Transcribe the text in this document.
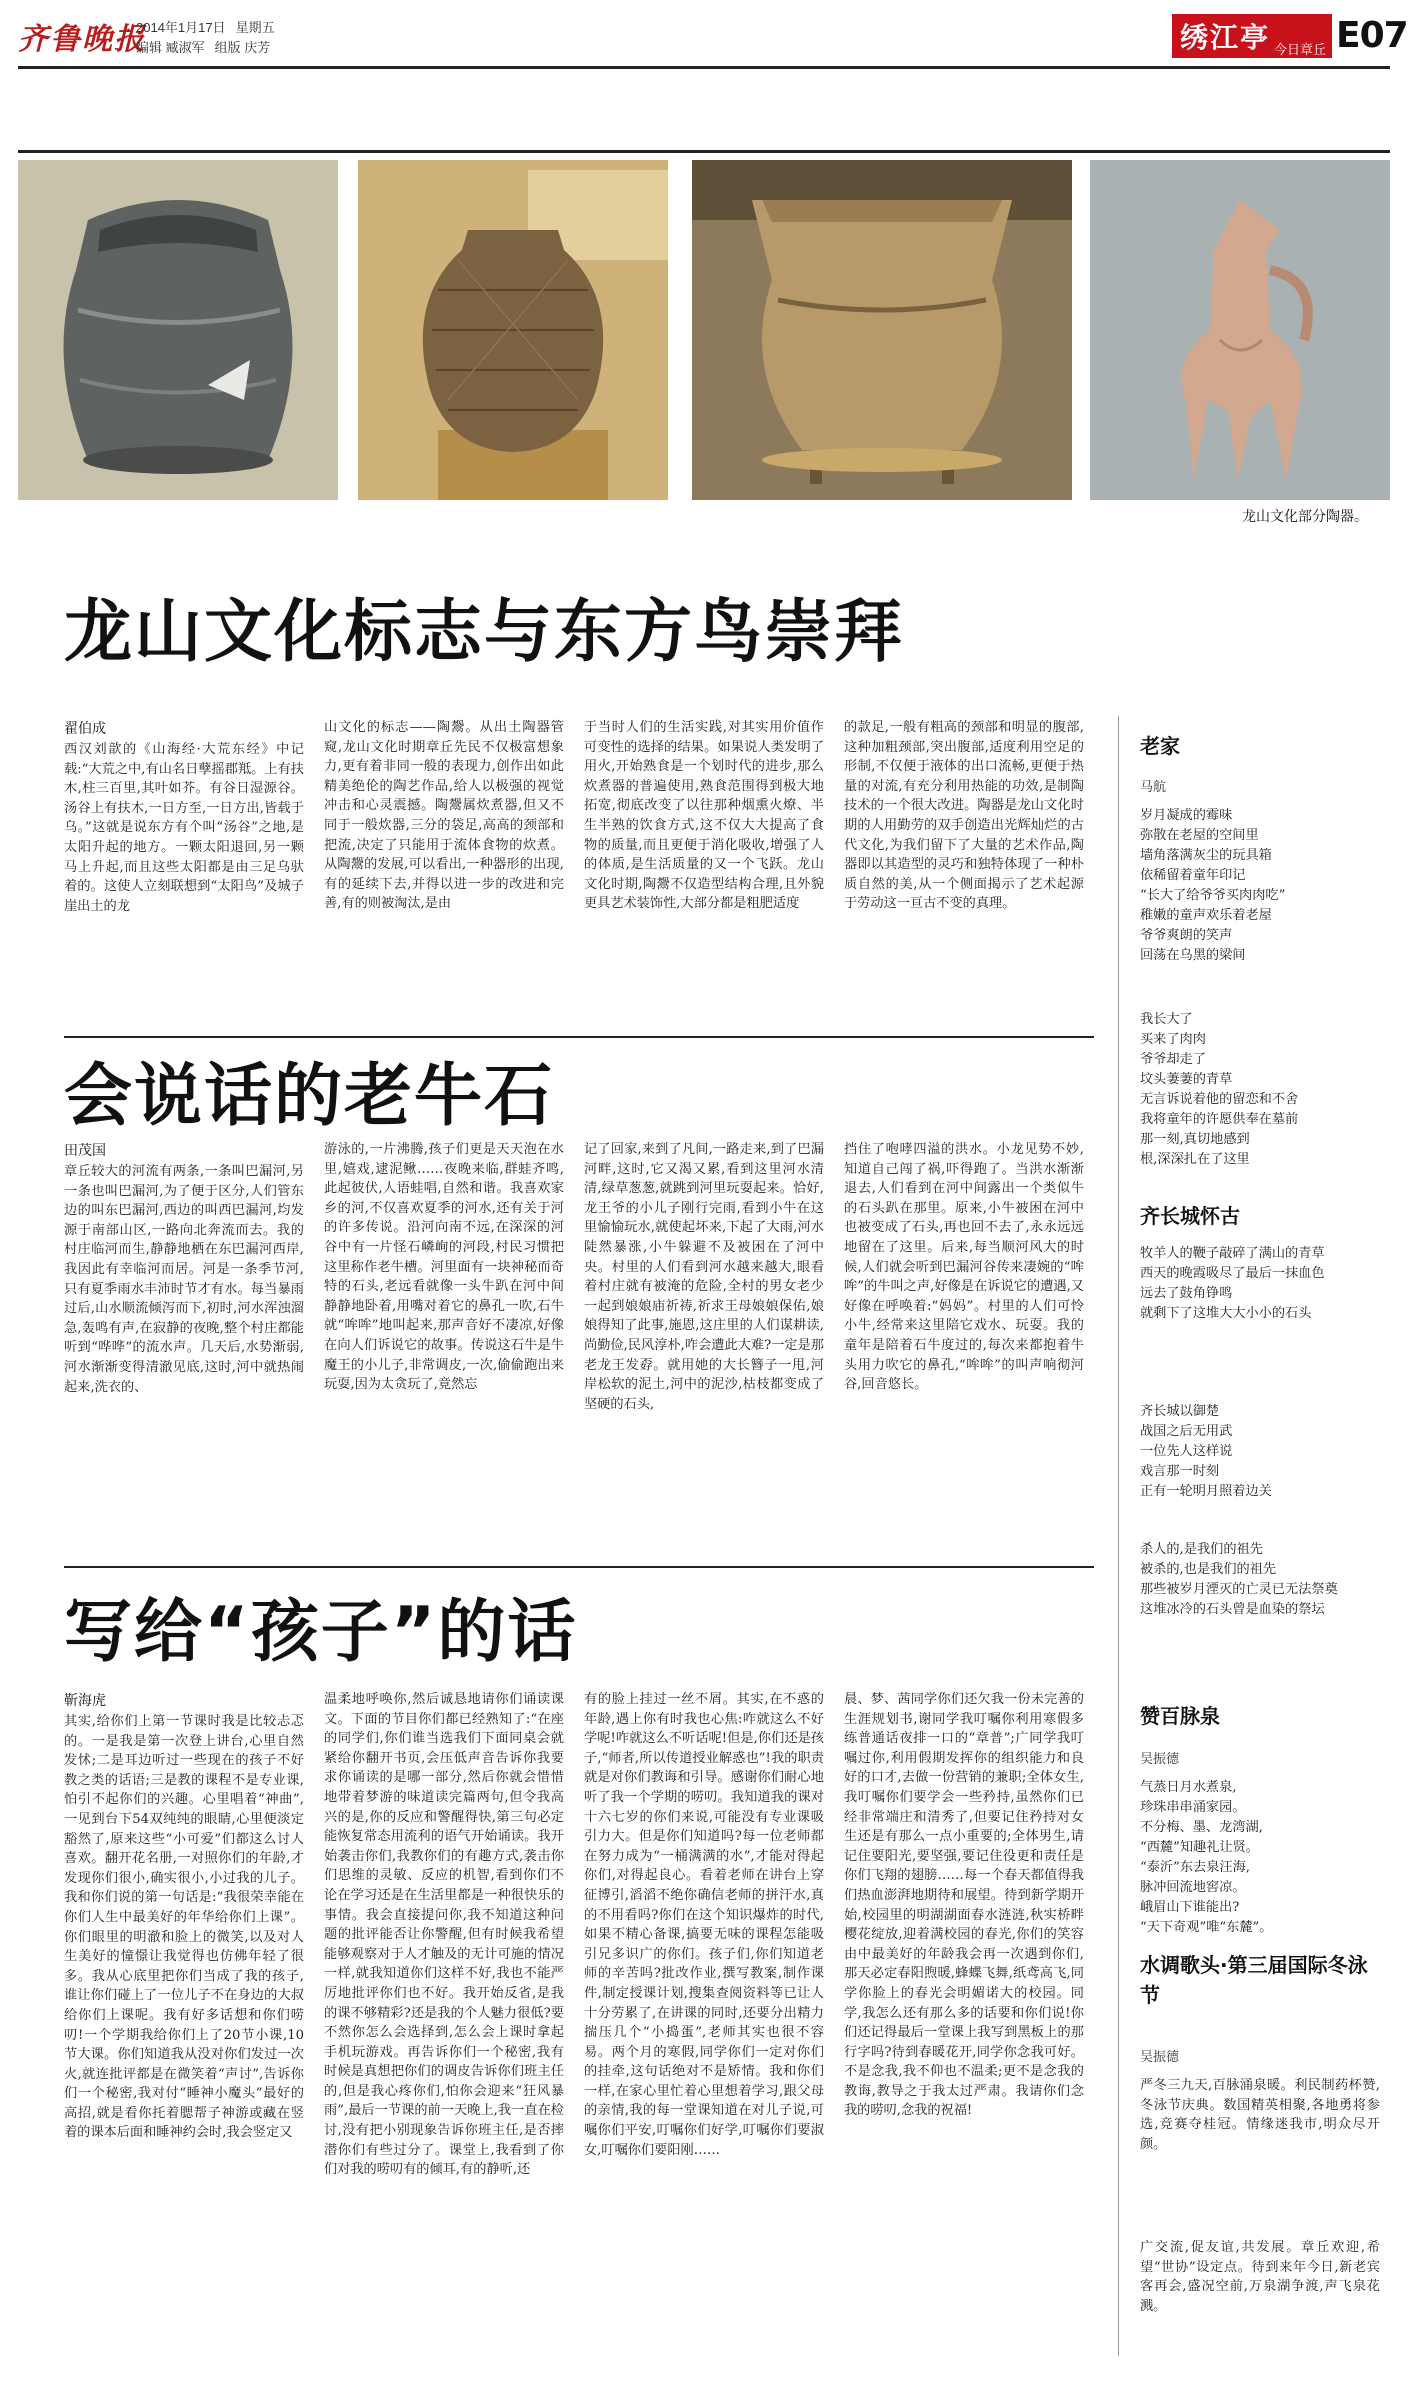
齐鲁晚报
2014年1月17日 星期五
编辑 臧淑军 组版 庆芳	绣江亭 今日章丘 E07
龙山文化部分陶器。
龙山文化标志与东方鸟崇拜
翟伯成
西汉刘歆的《山海经·大荒东经》中记载:“大荒之中,有山名日孽摇郡羝。上有扶木,柱三百里,其叶如芥。有谷日湿源谷。汤谷上有扶木,一日方至,一日方出,皆载于乌。”这就是说东方有个叫“汤谷”之地,是太阳升起的地方。一颗太阳退回,另一颗马上升起,而且这些太阳都是由三足乌驮着的。这使人立刻联想到“太阳鸟”及城子崖出土的龙
山文化的标志——陶鬶。从出土陶器管窥,龙山文化时期章丘先民不仅极富想象力,更有着非同一般的表现力,创作出如此精美绝伦的陶艺作品,给人以极强的视觉冲击和心灵震撼。陶鬶属炊煮器,但又不同于一般炊器,三分的袋足,高高的颈部和把流,决定了只能用于流体食物的炊煮。从陶鬶的发展,可以看出,一种器形的出现,有的延续下去,并得以进一步的改进和完善,有的则被淘汰,是由
于当时人们的生活实践,对其实用价值作可变性的选择的结果。如果说人类发明了用火,开始熟食是一个划时代的进步,那么炊煮器的普遍使用,熟食范围得到极大地拓宽,彻底改变了以往那种烟熏火燎、半生半熟的饮食方式,这不仅大大提高了食物的质量,而且更便于消化吸收,增强了人的体质,是生活质量的又一个飞跃。龙山文化时期,陶鬶不仅造型结构合理,且外貌更具艺术装饰性,大部分都是粗肥适度
的款足,一般有粗高的颈部和明显的腹部,这种加粗颈部,突出腹部,适度利用空足的形制,不仅便于液体的出口流畅,更便于热量的对流,有充分利用热能的功效,是制陶技术的一个很大改进。陶器是龙山文化时期的人用勤劳的双手创造出光辉灿烂的古代文化,为我们留下了大量的艺术作品,陶器即以其造型的灵巧和独特体现了一种朴质自然的美,从一个侧面揭示了艺术起源于劳动这一亘古不变的真理。
会说话的老牛石
田茂国
章丘较大的河流有两条,一条叫巴漏河,另一条也叫巴漏河,为了便于区分,人们管东边的叫东巴漏河,西边的叫西巴漏河,均发源于南部山区,一路向北奔流而去。我的村庄临河而生,静静地栖在东巴漏河西岸,我因此有幸临河而居。河是一条季节河,只有夏季雨水丰沛时节才有水。每当暴雨过后,山水顺流倾泻而下,初时,河水浑浊溜急,轰鸣有声,在寂静的夜晚,整个村庄都能听到“哗哗”的流水声。几天后,水势渐弱,河水渐渐变得清澈见底,这时,河中就热闹起来,洗衣的、
游泳的,一片沸腾,孩子们更是天天泡在水里,嬉戏,逮泥鳅……夜晚来临,群蛙齐鸣,此起彼伏,人语蛙唱,自然和谐。我喜欢家乡的河,不仅喜欢夏季的河水,还有关于河的许多传说。沿河向南不远,在深深的河谷中有一片怪石嶙峋的河段,村民习惯把这里称作老牛槽。河里面有一块神秘而奇特的石头,老远看就像一头牛趴在河中间静静地卧着,用嘴对着它的鼻孔一吹,石牛就“哞哞”地叫起来,那声音好不凄凉,好像在向人们诉说它的故事。传说这石牛是牛魔王的小儿子,非常调皮,一次,偷偷跑出来玩耍,因为太贪玩了,竟然忘
记了回家,来到了凡间,一路走来,到了巴漏河畔,这时,它又渴又累,看到这里河水清清,绿草葱葱,就跳到河里玩耍起来。恰好,龙王爷的小儿子刚行完雨,看到小牛在这里愉愉玩水,就使起坏来,下起了大雨,河水陡然暴涨,小牛躲避不及被困在了河中央。村里的人们看到河水越来越大,眼看着村庄就有被淹的危险,全村的男女老少一起到娘娘庙祈祷,祈求王母娘娘保佑,娘娘得知了此事,施恩,这庄里的人们谋耕读,尚勤俭,民风淳朴,咋会遭此大难?一定是那老龙王发孬。就用她的大长簪子一甩,河岸松软的泥土,河中的泥沙,枯枝都变成了坚硬的石头,
挡住了咆哮四溢的洪水。小龙见势不妙,知道自己闯了祸,吓得跑了。当洪水渐渐退去,人们看到在河中间露出一个类似牛的石头趴在那里。原来,小牛被困在河中也被变成了石头,再也回不去了,永永远远地留在了这里。后来,每当顺河风大的时候,人们就会听到巴漏河谷传来凄婉的“哞哞”的牛叫之声,好像是在诉说它的遭遇,又好像在呼唤着:“妈妈”。村里的人们可怜小牛,经常来这里陪它戏水、玩耍。我的童年是陪着石牛度过的,每次来都抱着牛头用力吹它的鼻孔,“哞哞”的叫声响彻河谷,回音悠长。
写给“孩子”的话
靳海虎
其实,给你们上第一节课时我是比较忐忑的。一是我是第一次登上讲台,心里自然发怵;二是耳边听过一些现在的孩子不好教之类的话语;三是教的课程不是专业课,怕引不起你们的兴趣。心里唱着“神曲”,一见到台下54双纯纯的眼睛,心里便淡定豁然了,原来这些“小可爱”们都这么讨人喜欢。翻开花名册,一对照你们的年龄,才发现你们很小,确实很小,小过我的儿子。我和你们说的第一句话是:“我很荣幸能在你们人生中最美好的年华给你们上课”。你们眼里的明澈和脸上的微笑,以及对人生美好的憧憬让我觉得也仿佛年轻了很多。我从心底里把你们当成了我的孩子,谁让你们碰上了一位儿子不在身边的大叔给你们上课呢。我有好多话想和你们唠叨!一个学期我给你们上了20节小课,10节大课。你们知道我从没对你们发过一次火,就连批评都是在微笑着“声讨”,告诉你们一个秘密,我对付“睡神小魔头”最好的高招,就是看你托着腮帮子神游或藏在竖着的课本后面和睡神约会时,我会竖定又
温柔地呼唤你,然后诚恳地请你们诵读课文。下面的节目你们都已经熟知了:“在座的同学们,你们谁当选我们下面同桌会就紧给你翻开书页,会压低声音告诉你我要求你诵读的是哪一部分,然后你就会惜惜地带着梦游的味道读完篇两句,但令我高兴的是,你的反应和警醒得快,第三句必定能恢复常态用流利的语气开始诵读。我开始袭击你们,我教你们的有趣方式,袭击你们思维的灵敏、反应的机智,看到你们不论在学习还是在生活里都是一种很快乐的事情。我会直接提问你,我不知道这种问题的批评能否让你警醒,但有时候我希望能够观察对于人才触及的无计可施的情况一样,就我知道你们这样不好,我也不能严厉地批评你们也不好。我开始反省,是我的课不够精彩?还是我的个人魅力很低?要不然你怎么会选择到,怎么会上课时拿起手机玩游戏。再告诉你们一个秘密,我有时候是真想把你们的调皮告诉你们班主任的,但是我心疼你们,怕你会迎来“狂风暴雨”,最后一节课的前一天晚上,我一直在检讨,没有把小别现象告诉你班主任,是否摔潜你们有些过分了。课堂上,我看到了你们对我的唠叨有的倾耳,有的静听,还
有的脸上挂过一丝不屑。其实,在不惑的年龄,遇上你有时我也心焦:咋就这么不好学呢!咋就这么不听话呢!但是,你们还是孩子,“师者,所以传道授业解惑也”!我的职责就是对你们教诲和引导。感谢你们耐心地听了我一个学期的唠叨。我知道我的课对十六七岁的你们来说,可能没有专业课吸引力大。但是你们知道吗?每一位老师都在努力成为“一桶满满的水”,才能对得起你们,对得起良心。看着老师在讲台上穿征博引,滔滔不绝你确信老师的拼汗水,真的不用看吗?你们在这个知识爆炸的时代,如果不精心备课,搞要无味的课程怎能吸引兄多识广的你们。孩子们,你们知道老师的辛苦吗?批改作业,撰写教案,制作课件,制定授课计划,搜集查阅资料等已让人十分劳累了,在讲课的同时,还要分出精力揣压几个“小捣蛋”,老师其实也很不容易。两个月的寒假,同学你们一定对你们的挂牵,这句话绝对不是矫情。我和你们一样,在家心里忙着心里想着学习,跟父母的亲情,我的每一堂课知道在对儿子说,可嘱你们平安,叮嘱你们好学,叮嘱你们要淑女,叮嘱你们要阳刚……
晨、梦、茜同学你们还欠我一份未完善的生涯规划书,谢同学我叮嘱你利用寒假多练普通话夜排一口的“章普”;广同学我叮嘱过你,利用假期发挥你的组织能力和良好的口才,去做一份营销的兼职;全体女生,我叮嘱你们要学会一些矜持,虽然你们已经非常端庄和清秀了,但要记住矜持对女生还是有那么一点小重要的;全体男生,请记住要阳光,要坚强,要记住役更和责任是你们飞翔的翅膀……每一个春天都值得我们热血澎湃地期待和展望。待到新学期开始,校园里的明湖湖面春水涟涟,秋实桥畔樱花绽放,迎着满校园的春光,你们的笑容由中最美好的年龄我会再一次遇到你们,那天必定春阳煦暖,蜂蝶飞舞,纸鸢高飞,同学你脸上的春光会明媚诺大的校园。同学,我怎么还有那么多的话要和你们说!你们还记得最后一堂课上我写到黑板上的那行字吗?待到春暖花开,同学你念我可好。不是念我,我不仰也不温柔;更不是念我的教诲,教导之于我太过严肃。我请你们念我的唠叨,念我的祝福!
老家
马航
岁月凝成的霉味
弥散在老屋的空间里
墙角落满灰尘的玩具箱
依稀留着童年印记
“长大了给爷爷买肉肉吃”
稚嫩的童声欢乐着老屋
爷爷爽朗的笑声
回荡在乌黑的梁间
我长大了
买来了肉肉
爷爷却走了
坟头萋萋的青草
无言诉说着他的留恋和不舍
我将童年的许愿供奉在墓前
那一刻,真切地感到
根,深深扎在了这里
齐长城怀古
牧羊人的鞭子敲碎了满山的青草
西天的晚霞吸尽了最后一抹血色
远去了鼓角铮鸣
就剩下了这堆大大小小的石头
齐长城以御楚
战国之后无用武
一位先人这样说
戏言那一时刻
正有一轮明月照着边关
杀人的,是我们的祖先
被杀的,也是我们的祖先
那些被岁月湮灭的亡灵已无法祭奠
这堆冰冷的石头曾是血染的祭坛
赞百脉泉
吴振德
气蒸日月水煮泉,
珍珠串串涌家园。
不分梅、墨、龙湾湖,
“西麓”知趣礼让贤。
“泰沂”东去泉汪海,
脉冲回流地窖凉。
峨眉山下谁能出?
“天下奇观”唯“东麓”。
水调歌头·第三届国际冬泳节
吴振德
严冬三九天,百脉涌泉暖。利民制药杯赞,冬泳节庆典。数国精英相聚,各地勇将参选,竞赛夺桂冠。情缘迷我市,明众尽开颜。
广交流,促友谊,共发展。章丘欢迎,希望“世协”设定点。待到来年今日,新老宾客再会,盛况空前,万泉湖争渡,声飞泉花溅。
